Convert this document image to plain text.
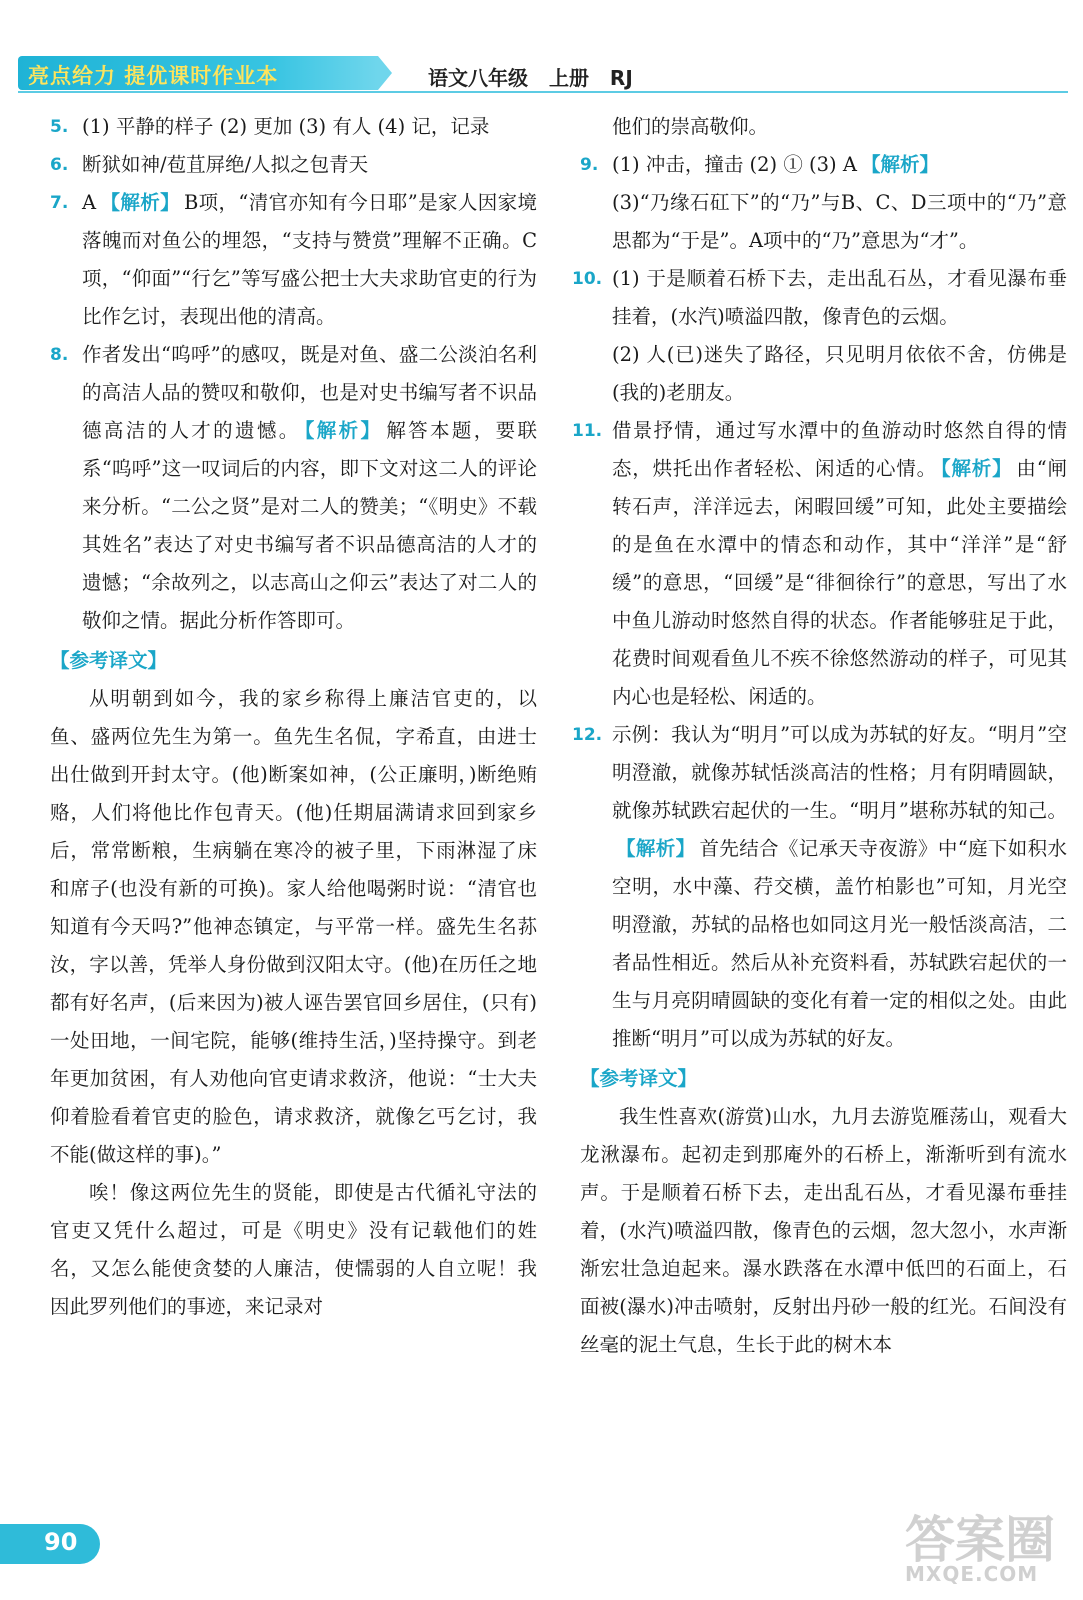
亮点给力 提优课时作业本	语文八年级 上册 RJ
5. (1) 平静的样子 (2) 更加 (3) 有人 (4) 记，记录
6. 断狱如神/苞苴屏绝/人拟之包青天
7. A 【解析】 B项，“清官亦知有今日耶”是家人因家境落魄而对鱼公的埋怨，“支持与赞赏”理解不正确。C项，“仰面”“行乞”等写盛公把士大夫求助官吏的行为比作乞讨，表现出他的清高。
8. 作者发出“呜呼”的感叹，既是对鱼、盛二公淡泊名利的高洁人品的赞叹和敬仰，也是对史书编写者不识品德高洁的人才的遗憾。 【解析】 解答本题，要联系“呜呼”这一叹词后的内容，即下文对这二人的评论来分析。“二公之贤”是对二人的赞美；“《明史》不载其姓名”表达了对史书编写者不识品德高洁的人才的遗憾；“余故列之，以志高山之仰云”表达了对二人的敬仰之情。据此分析作答即可。
【参考译文】
从明朝到如今，我的家乡称得上廉洁官吏的，以鱼、盛两位先生为第一。鱼先生名侃，字希直，由进士出仕做到开封太守。(他)断案如神，(公正廉明，)断绝贿赂，人们将他比作包青天。(他)任期届满请求回到家乡后，常常断粮，生病躺在寒冷的被子里，下雨淋湿了床和席子(也没有新的可换)。家人给他喝粥时说：“清官也知道有今天吗?”他神态镇定，与平常一样。盛先生名荪汝，字以善，凭举人身份做到汉阳太守。(他)在历任之地都有好名声，(后来因为)被人诬告罢官回乡居住，(只有)一处田地，一间宅院，能够(维持生活，)坚持操守。到老年更加贫困，有人劝他向官吏请求救济，他说：“士大夫仰着脸看着官吏的脸色，请求救济，就像乞丐乞讨，我不能(做这样的事)。”
唉！像这两位先生的贤能，即使是古代循礼守法的官吏又凭什么超过，可是《明史》没有记载他们的姓名，又怎么能使贪婪的人廉洁，使懦弱的人自立呢！我因此罗列他们的事迹，来记录对
他们的崇高敬仰。
9. (1) 冲击，撞击 (2) ① (3) A 【解析】
(3)“乃缘石矼下”的“乃”与B、C、D三项中的“乃”意思都为“于是”。A项中的“乃”意思为“才”。
10. (1) 于是顺着石桥下去，走出乱石丛，才看见瀑布垂挂着，(水汽)喷溢四散，像青色的云烟。
(2) 人(已)迷失了路径，只见明月依依不舍，仿佛是(我的)老朋友。
11. 借景抒情，通过写水潭中的鱼游动时悠然自得的情态，烘托出作者轻松、闲适的心情。 【解析】 由“闸转石声，洋洋远去，闲暇回缓”可知，此处主要描绘的是鱼在水潭中的情态和动作，其中“洋洋”是“舒缓”的意思，“回缓”是“徘徊徐行”的意思，写出了水中鱼儿游动时悠然自得的状态。作者能够驻足于此，花费时间观看鱼儿不疾不徐悠然游动的样子，可见其内心也是轻松、闲适的。
12. 示例：我认为“明月”可以成为苏轼的好友。“明月”空明澄澈，就像苏轼恬淡高洁的性格；月有阴晴圆缺，就像苏轼跌宕起伏的一生。“明月”堪称苏轼的知己。【解析】 首先结合《记承天寺夜游》中“庭下如积水空明，水中藻、荇交横，盖竹柏影也”可知，月光空明澄澈，苏轼的品格也如同这月光一般恬淡高洁，二者品性相近。然后从补充资料看，苏轼跌宕起伏的一生与月亮阴晴圆缺的变化有着一定的相似之处。由此推断“明月”可以成为苏轼的好友。
【参考译文】
我生性喜欢(游赏)山水，九月去游览雁荡山，观看大龙湫瀑布。起初走到那庵外的石桥上，渐渐听到有流水声。于是顺着石桥下去，走出乱石丛，才看见瀑布垂挂着，(水汽)喷溢四散，像青色的云烟，忽大忽小，水声渐渐宏壮急迫起来。瀑水跌落在水潭中低凹的石面上，石面被(瀑水)冲击喷射，反射出丹砂一般的红光。石间没有丝毫的泥土气息，生长于此的树木本
90	答案圈
MXQE.COM
